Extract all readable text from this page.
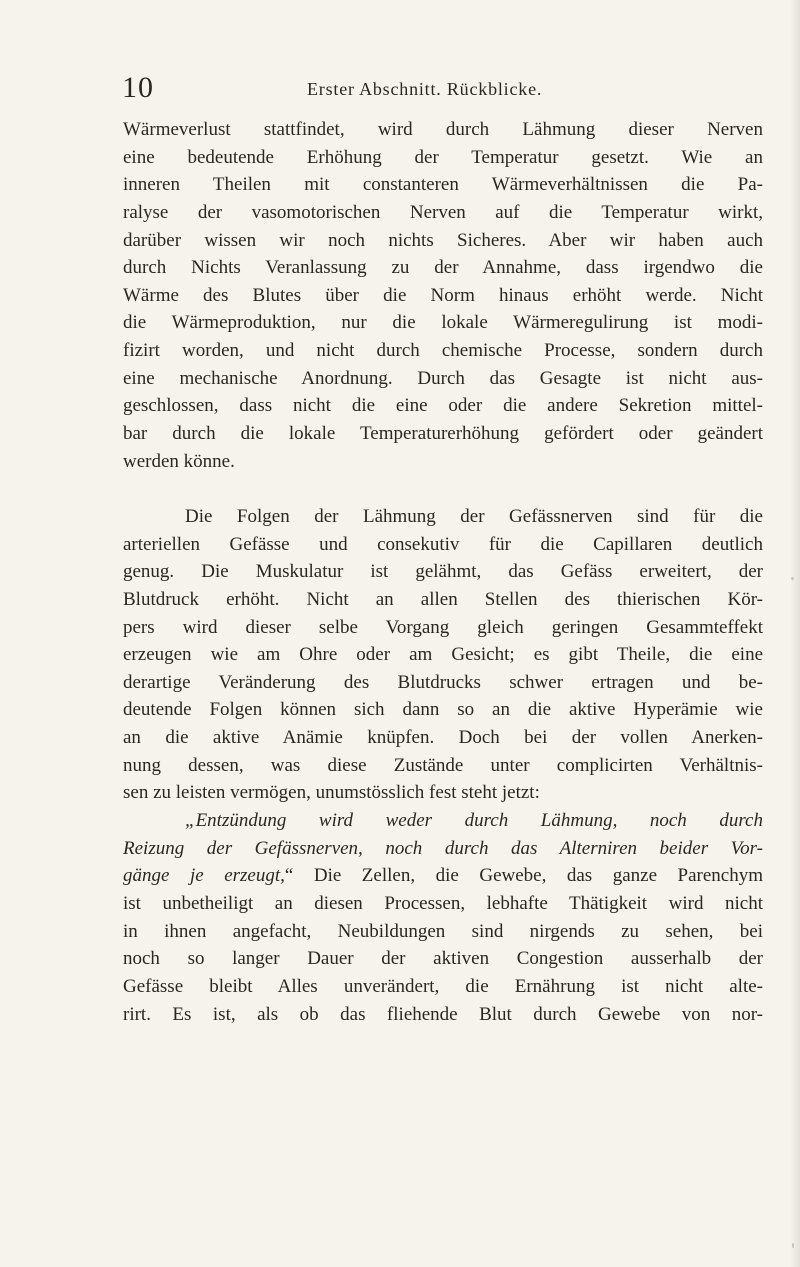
10	Erster Abschnitt. Rückblicke.
Wärmeverlust stattfindet, wird durch Lähmung dieser Nerven
eine bedeutende Erhöhung der Temperatur gesetzt. Wie an
inneren Theilen mit constanteren Wärmeverhältnissen die Pa-
ralyse der vasomotorischen Nerven auf die Temperatur wirkt,
darüber wissen wir noch nichts Sicheres. Aber wir haben auch
durch Nichts Veranlassung zu der Annahme, dass irgendwo die
Wärme des Blutes über die Norm hinaus erhöht werde. Nicht
die Wärmeproduktion, nur die lokale Wärmeregulirung ist modi-
fizirt worden, und nicht durch chemische Processe, sondern durch
eine mechanische Anordnung. Durch das Gesagte ist nicht aus-
geschlossen, dass nicht die eine oder die andere Sekretion mittel-
bar durch die lokale Temperaturerhöhung gefördert oder geändert
werden könne.
Die Folgen der Lähmung der Gefässnerven sind für die
arteriellen Gefässe und consekutiv für die Capillaren deutlich
genug. Die Muskulatur ist gelähmt, das Gefäss erweitert, der
Blutdruck erhöht. Nicht an allen Stellen des thierischen Kör-
pers wird dieser selbe Vorgang gleich geringen Gesammteffekt
erzeugen wie am Ohre oder am Gesicht; es gibt Theile, die eine
derartige Veränderung des Blutdrucks schwer ertragen und be-
deutende Folgen können sich dann so an die aktive Hyperämie wie
an die aktive Anämie knüpfen. Doch bei der vollen Anerken-
nung dessen, was diese Zustände unter complicirten Verhältnis-
sen zu leisten vermögen, unumstösslich fest steht jetzt:
„Entzündung wird weder durch Lähmung, noch durch
Reizung der Gefässnerven, noch durch das Alterniren beider Vor-
gänge je erzeugt,“ Die Zellen, die Gewebe, das ganze Parenchym
ist unbetheiligt an diesen Processen, lebhafte Thätigkeit wird nicht
in ihnen angefacht, Neubildungen sind nirgends zu sehen, bei
noch so langer Dauer der aktiven Congestion ausserhalb der
Gefässe bleibt Alles unverändert, die Ernährung ist nicht alte-
rirt. Es ist, als ob das fliehende Blut durch Gewebe von nor-
